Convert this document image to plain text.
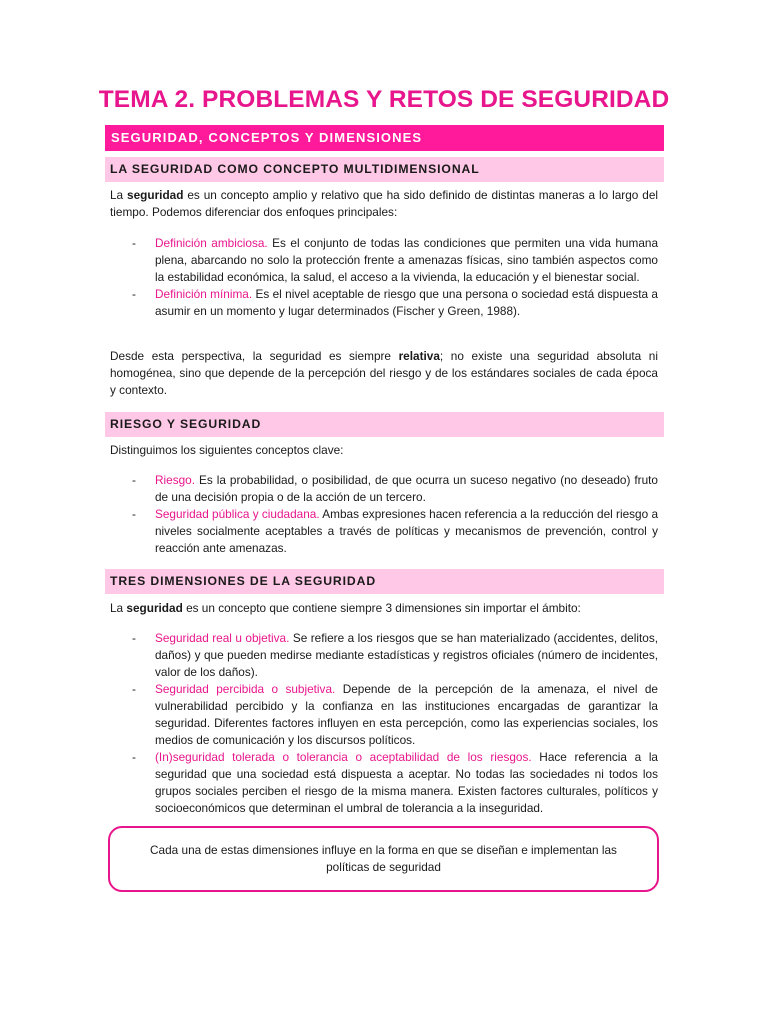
TEMA 2. PROBLEMAS Y RETOS DE SEGURIDAD
SEGURIDAD, CONCEPTOS Y DIMENSIONES
LA SEGURIDAD COMO CONCEPTO MULTIDIMENSIONAL
La seguridad es un concepto amplio y relativo que ha sido definido de distintas maneras a lo largo del tiempo. Podemos diferenciar dos enfoques principales:
- Definición ambiciosa. Es el conjunto de todas las condiciones que permiten una vida humana plena, abarcando no solo la protección frente a amenazas físicas, sino también aspectos como la estabilidad económica, la salud, el acceso a la vivienda, la educación y el bienestar social.
- Definición mínima. Es el nivel aceptable de riesgo que una persona o sociedad está dispuesta a asumir en un momento y lugar determinados (Fischer y Green, 1988).
Desde esta perspectiva, la seguridad es siempre relativa; no existe una seguridad absoluta ni homogénea, sino que depende de la percepción del riesgo y de los estándares sociales de cada época y contexto.
RIESGO Y SEGURIDAD
Distinguimos los siguientes conceptos clave:
- Riesgo. Es la probabilidad, o posibilidad, de que ocurra un suceso negativo (no deseado) fruto de una decisión propia o de la acción de un tercero.
- Seguridad pública y ciudadana. Ambas expresiones hacen referencia a la reducción del riesgo a niveles socialmente aceptables a través de políticas y mecanismos de prevención, control y reacción ante amenazas.
TRES DIMENSIONES DE LA SEGURIDAD
La seguridad es un concepto que contiene siempre 3 dimensiones sin importar el ámbito:
- Seguridad real u objetiva. Se refiere a los riesgos que se han materializado (accidentes, delitos, daños) y que pueden medirse mediante estadísticas y registros oficiales (número de incidentes, valor de los daños).
- Seguridad percibida o subjetiva. Depende de la percepción de la amenaza, el nivel de vulnerabilidad percibido y la confianza en las instituciones encargadas de garantizar la seguridad. Diferentes factores influyen en esta percepción, como las experiencias sociales, los medios de comunicación y los discursos políticos.
- (In)seguridad tolerada o tolerancia o aceptabilidad de los riesgos. Hace referencia a la seguridad que una sociedad está dispuesta a aceptar. No todas las sociedades ni todos los grupos sociales perciben el riesgo de la misma manera. Existen factores culturales, políticos y socioeconómicos que determinan el umbral de tolerancia a la inseguridad.
Cada una de estas dimensiones influye en la forma en que se diseñan e implementan las políticas de seguridad
